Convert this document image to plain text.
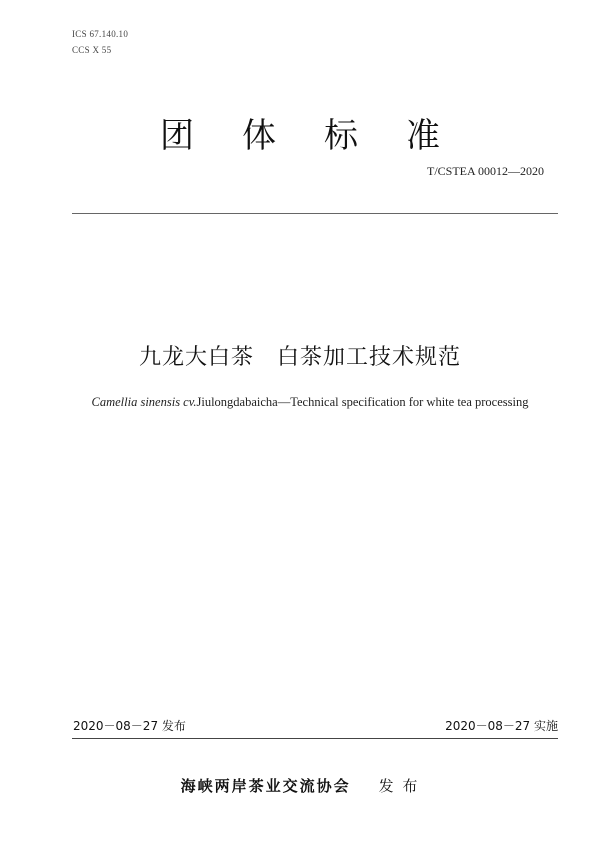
ICS 67.140.10
CCS X 55
团 体 标 准
T/CSTEA 00012—2020
九龙大白茶　白茶加工技术规范
Camellia sinensis cv.Jiulongdabaicha—Technical specification for white tea processing
2020－08－27 发布	2020－08－27 实施
海峡两岸茶业交流协会 发 布
